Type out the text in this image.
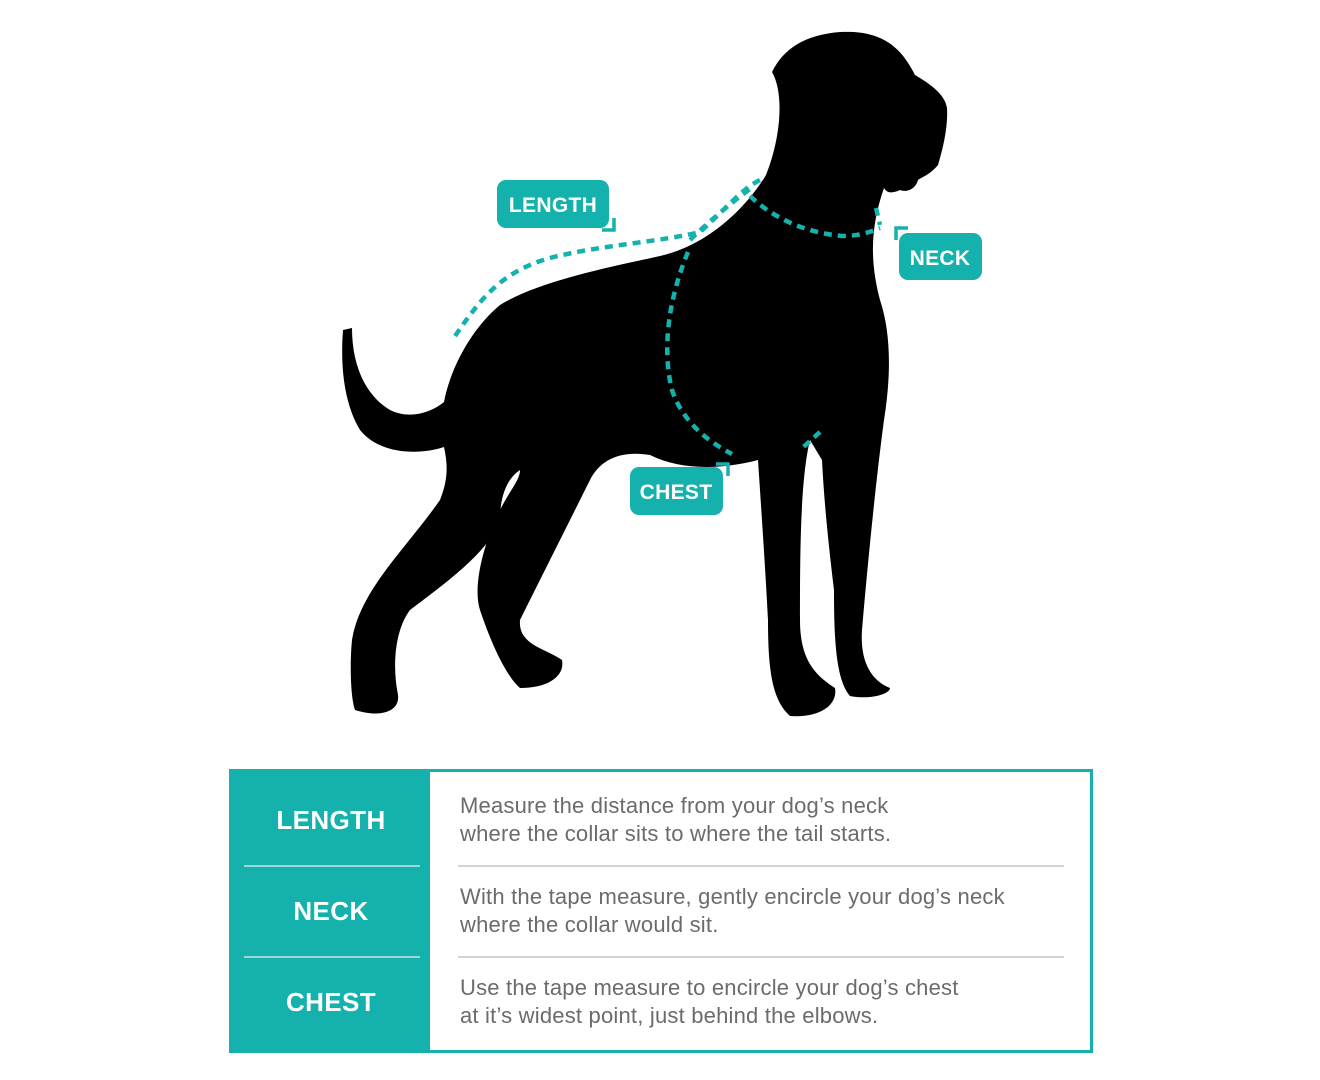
LENGTH
NECK
CHEST
LENGTH
NECK
CHEST
Measure the distance from your dog’s neck
where the collar sits to where the tail starts.
With the tape measure, gently encircle your dog’s neck
where the collar would sit.
Use the tape measure to encircle your dog’s chest
at it’s widest point, just behind the elbows.
